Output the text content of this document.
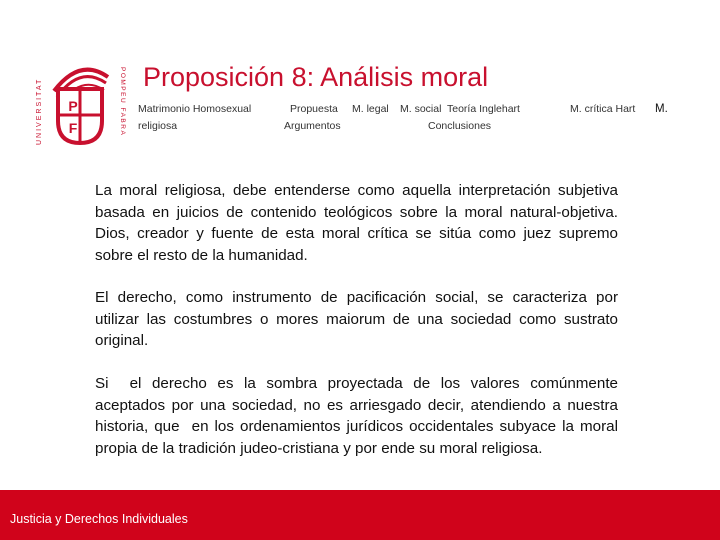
UNIVERSITAT	POMPEU FABRA
P
F
Proposición 8: Análisis moral
Matrimonio Homosexual	Propuesta M. legal M. social Teoría Inglehart	M. crítica Hart M.
religiosa	Argumentos	Conclusiones
La moral religiosa, debe entenderse como aquella interpretación subjetiva basada en juicios de contenido teológicos sobre la moral natural-objetiva. Dios, creador y fuente de esta moral crítica se sitúa como juez supremo sobre el resto de la humanidad.
El derecho, como instrumento de pacificación social, se caracteriza por utilizar las costumbres o mores maiorum de una sociedad como sustrato original.
Si  el derecho es la sombra proyectada de los valores comúnmente aceptados por una sociedad, no es arriesgado decir, atendiendo a nuestra historia, que  en los ordenamientos jurídicos occidentales subyace la moral propia de la tradición judeo-cristiana y por ende su moral religiosa.
Justicia y Derechos Individuales
